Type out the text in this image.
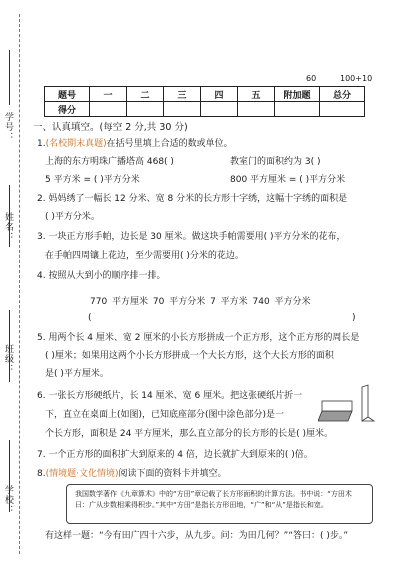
学号：
姓名：
班级：
学校：
60	100+10
题号	一	二	三	四	五	附加题	总分
得分							
一、认真填空。(每空 2 分,共 30 分)
1.(名校期末真题)在括号里填上合适的数或单位。
上海的东方明珠广播塔高 468( )	教室门的面积约为 3( )
5 平方米 = ( )平方分米	800 平方厘米 = ( )平方分米
2. 妈妈绣了一幅长 12 分米、宽 8 分米的长方形十字绣，这幅十字绣的面积是
( )平方分米。
3. 一块正方形手帕，边长是 30 厘米。做这块手帕需要用( )平方分米的花布，
在手帕四周镶上花边，至少需要用( )分米的花边。
4. 按照从大到小的顺序排一排。
770 平方厘米 70 平方分米 7 平方米 740 平方分米
(	)
5. 用两个长 4 厘米、宽 2 厘米的小长方形拼成一个正方形，这个正方形的周长是
( )厘米；如果用这两个小长方形拼成一个大长方形，这个大长方形的面积
是( )平方厘米。
6. 一张长方形硬纸片，长 14 厘米、宽 6 厘米。把这张硬纸片折一
下，直立在桌面上(如图)，已知底座部分(图中涂色部分)是一
个长方形，面积是 24 平方厘米，那么直立部分的长方形的长是( )厘米。
7. 一个正方形的面积扩大到原来的 4 倍，边长就扩大到原来的( )倍。
8.(情境题·文化情境)阅读下面的资料卡并填空。
我国数学著作《九章算术》中的“方田”章记载了长方形面积的计算方法。书中说：“方田术曰：广从步数相乘得积步。”其中“方田”是指长方形田地，“广”和“从”是指长和宽。
有这样一题：“今有田广四十六步，从九步。问：为田几何？”“答曰：( )步。”
